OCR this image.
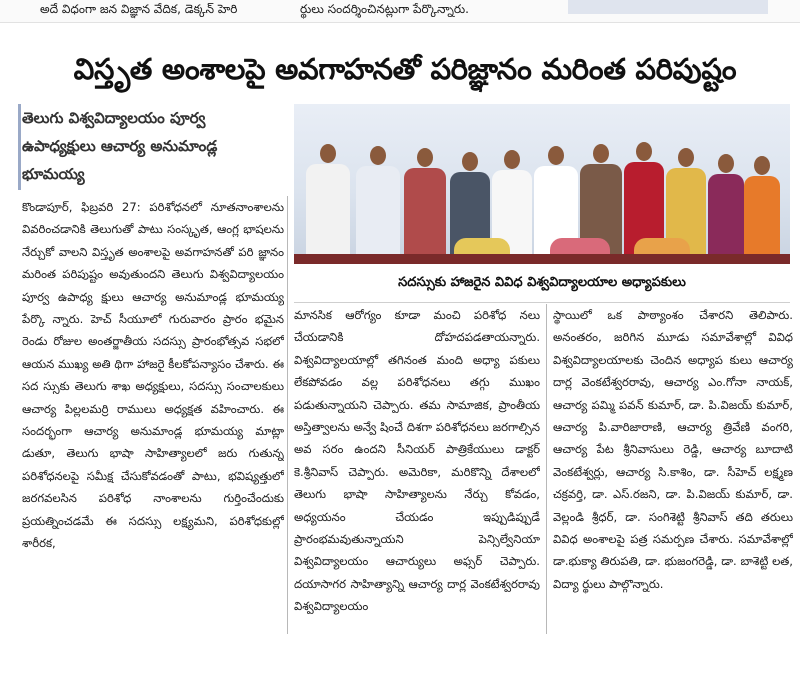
అదే విధంగా జన విజ్ఞాన వేదిక, డెక్కన్ హెరి	ర్థులు సందర్శించినట్లుగా పేర్కొన్నారు.
విస్తృత అంశాలపై అవగాహనతో పరిజ్ఞానం మరింత పరిపుష్టం
తెలుగు విశ్వవిద్యాలయం పూర్వ ఉపాధ్యక్షులు ఆచార్య అనుమాండ్ల భూమయ్య
సదస్సుకు హాజరైన వివిధ విశ్వవిద్యాలయాల అధ్యాపకులు

కొండాపూర్, ఫిబ్రవరి 27: పరిశోధనలో నూతనాంశాలను వివరించడానికి తెలుగుతో పాటు సంస్కృత, ఆంగ్ల భాషలను నేర్చుకో వాలని విస్తృత అంశాలపై అవగాహనతో పరి జ్ఞానం మరింత పరిపుష్టం అవుతుందని తెలుగు విశ్వవిద్యాలయం పూర్వ ఉపాధ్య క్షులు ఆచార్య అనుమాండ్ల భూమయ్య పేర్కొ న్నారు. హెచ్ సీయూలో గురువారం ప్రారం భమైన రెండు రోజుల అంతర్జాతీయ సదస్సు ప్రారంభోత్సవ సభలో ఆయన ముఖ్య అతి థిగా హాజరై కీలకోపన్యాసం చేశారు. ఈ సద స్సుకు తెలుగు శాఖ అధ్యక్షులు, సదస్సు సంచాలకులు ఆచార్య పిల్లలమర్రి రాములు అధ్యక్షత వహించారు. ఈ సందర్భంగా ఆచార్య అనుమాండ్ల భూమయ్య మాట్లా డుతూ, తెలుగు భాషా సాహిత్యాలలో జరు గుతున్న పరిశోధనలపై సమీక్ష చేసుకోవడంతో పాటు, భవిష్యత్తులో జరగవలసిన పరిశోధ నాంశాలను గుర్తించేందుకు ప్రయత్నించడమే ఈ సదస్సు లక్ష్యమని, పరిశోధకుల్లో శారీరక,

మానసిక ఆరోగ్యం కూడా మంచి పరిశోధ నలు చేయడానికి దోహదపడతాయన్నారు. విశ్వవిద్యాలయాల్లో తగినంత మంది అధ్యా పకులు లేకపోవడం వల్ల పరిశోధనలు తగ్గు ముఖం పడుతున్నాయని చెప్పారు. తమ సామాజిక, ప్రాంతీయ అస్తిత్వాలను అన్వే షించే దిశగా పరిశోధనలు జరగాల్సిన అవ సరం ఉందని సీనియర్ పాత్రికేయులు డాక్టర్ కె.శ్రీనివాస్ చెప్పారు. అమెరికా, మరికొన్ని దేశాలలో తెలుగు భాషా సాహిత్యాలను నేర్చు కోవడం, అధ్యయనం చేయడం ఇప్పుడిప్పుడే ప్రారంభమవుతున్నాయని పెన్సిల్వేనియా విశ్వవిద్యాలయం ఆచార్యులు అఫ్సర్ చెప్పారు. దయాసాగర సాహిత్యాన్ని ఆచార్య దార్ల వెంకటేశ్వరరావు విశ్వవిద్యాలయం

స్థాయిలో ఒక పాఠ్యాంశం చేశారని తెలిపారు. అనంతరం, జరిగిన మూడు సమావేశాల్లో వివిధ విశ్వవిద్యాలయాలకు చెందిన అధ్యాప కులు ఆచార్య దార్ల వెంకటేశ్వరరావు, ఆచార్య ఎం.గోనా నాయక్, ఆచార్య పమ్మి పవన్ కుమార్, డా. పి.విజయ్ కుమార్, ఆచార్య పి.వారిజారాణి, ఆచార్య త్రివేణి వంగరి, ఆచార్య పేట శ్రీనివాసులు రెడ్డి, ఆచార్య బూదాటి వెంకటేశ్వర్లు, ఆచార్య సి.కాశిం, డా. సీహెచ్ లక్ష్మణ చక్రవర్తి, డా. ఎస్.రజని, డా. పి.విజయ్ కుమార్, డా. వెల్లండి శ్రీధర్, డా. సంగిశెట్టి శ్రీనివాస్ తది తరులు వివిధ అంశాలపై పత్ర సమర్పణ చేశారు. సమావేశాల్లో డా.భుక్యా తిరుపతి, డా. భుజంగరెడ్డి, డా. బాశెట్టి లత, విద్యా ర్థులు పాల్గొన్నారు.
